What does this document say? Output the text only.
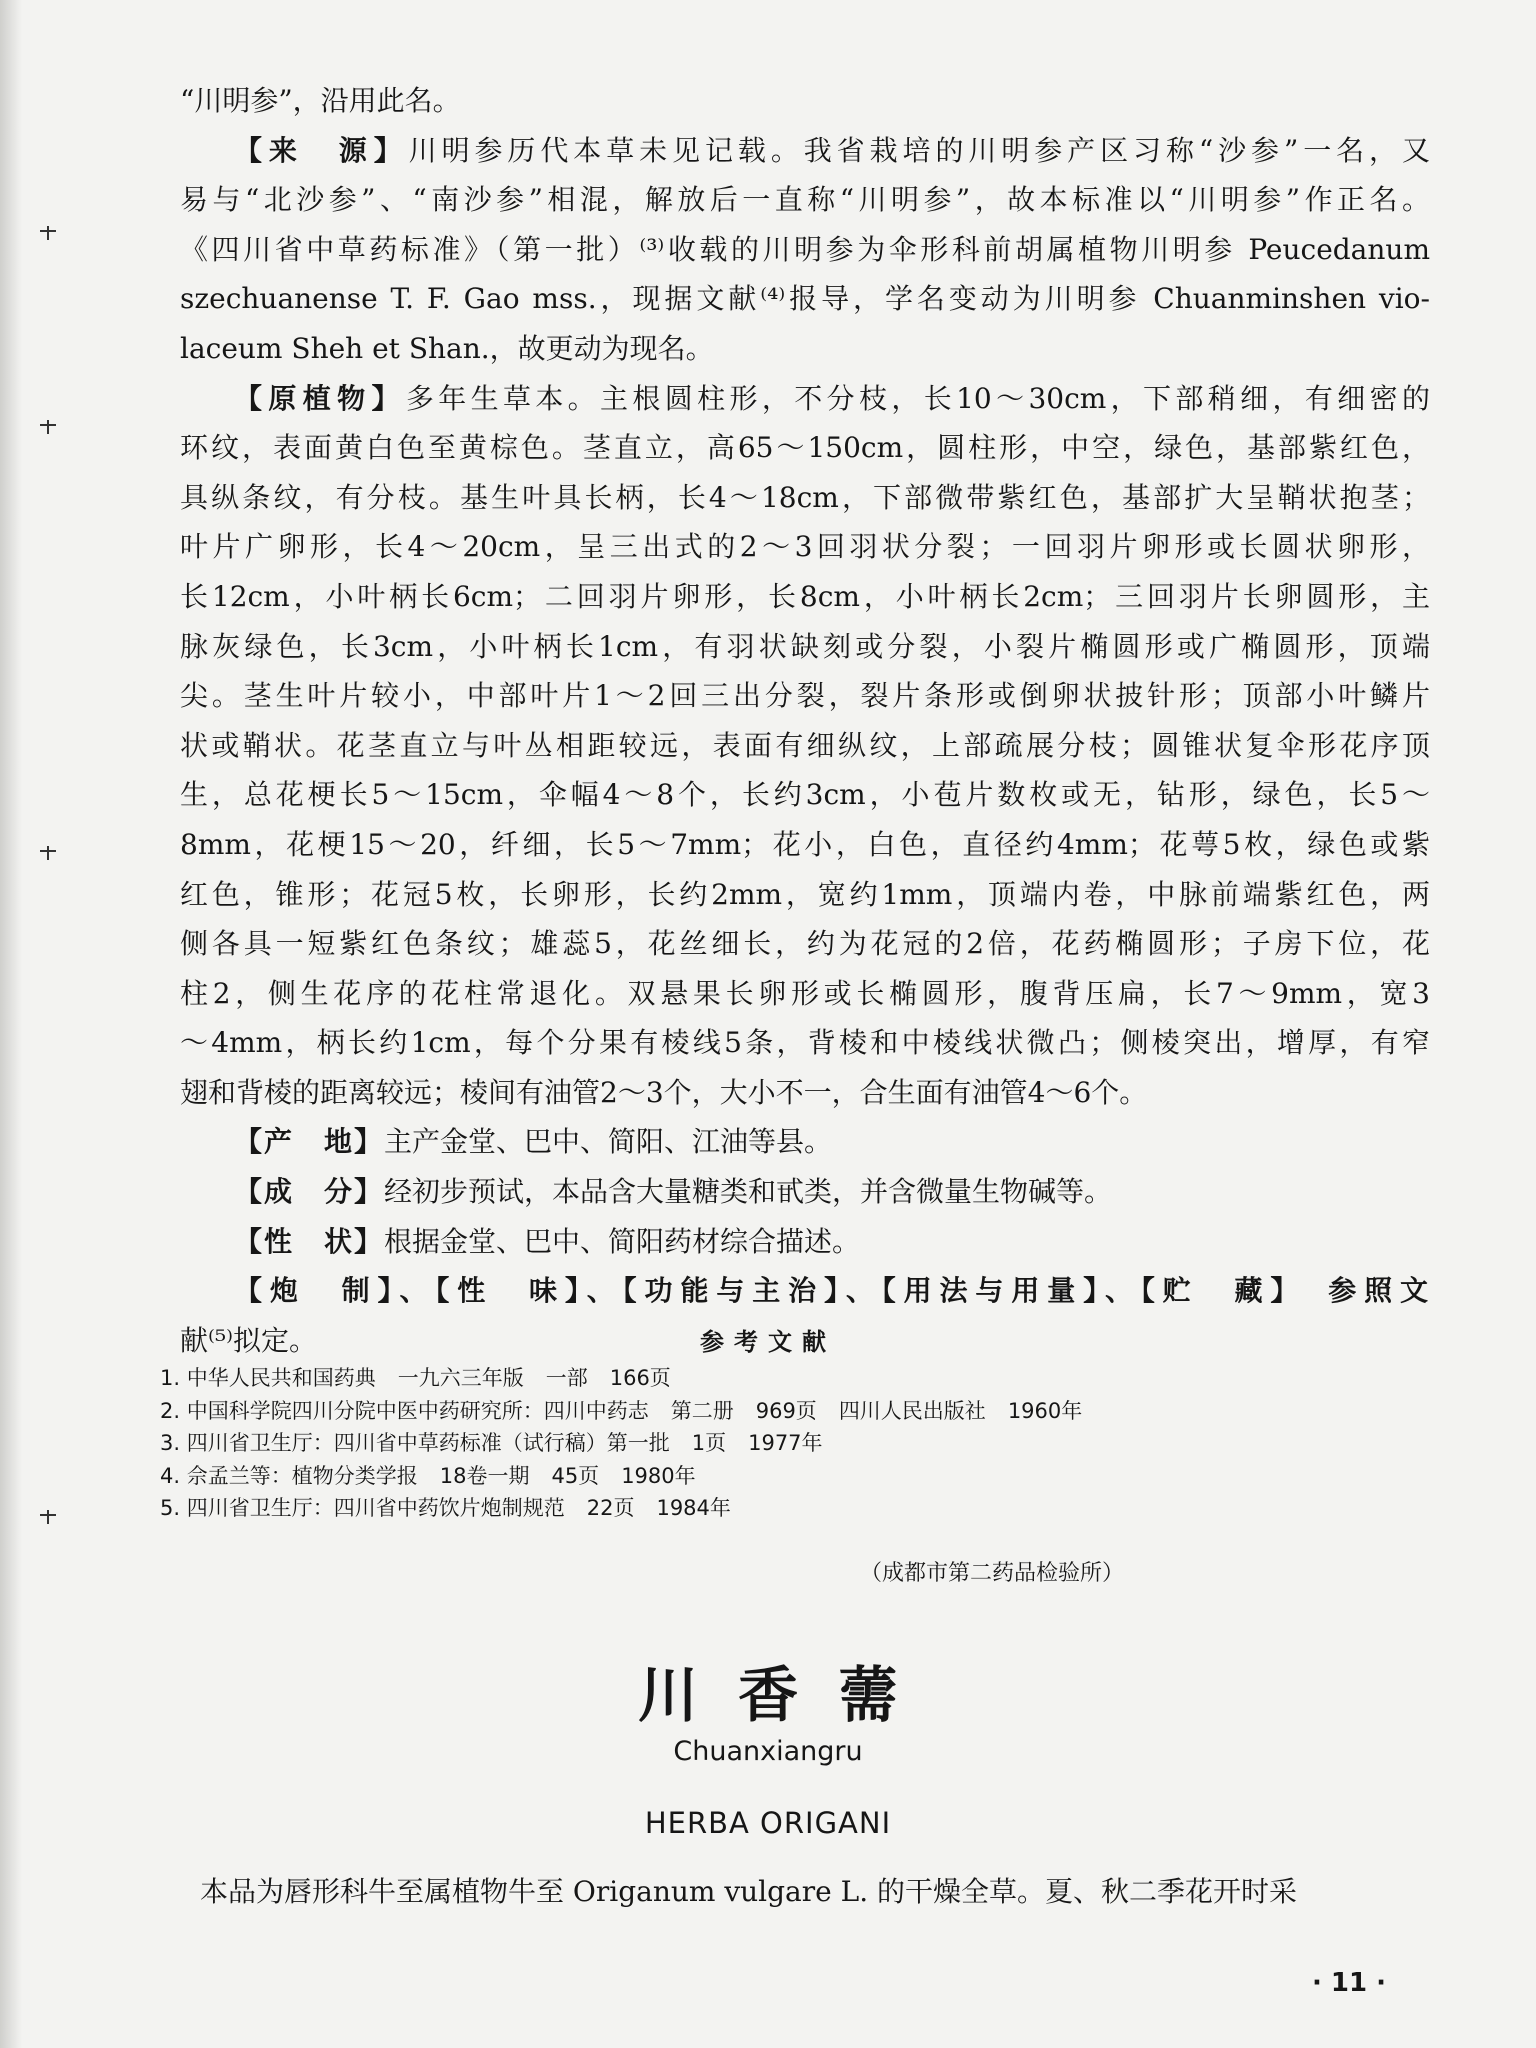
“川明参”，沿用此名。
【来　源】川明参历代本草未见记载。我省栽培的川明参产区习称“沙参”一名，又
易与“北沙参”、“南沙参”相混，解放后一直称“川明参”，故本标准以“川明参”作正名。
《四川省中草药标准》（第一批）⁽³⁾收载的川明参为伞形科前胡属植物川明参 Peucedanum
szechuanense T. F. Gao mss.，现据文献⁽⁴⁾报导，学名变动为川明参 Chuanminshen vio-
laceum Sheh et Shan.，故更动为现名。
【原植物】多年生草本。主根圆柱形，不分枝，长10～30cm，下部稍细，有细密的
环纹，表面黄白色至黄棕色。茎直立，高65～150cm，圆柱形，中空，绿色，基部紫红色，
具纵条纹，有分枝。基生叶具长柄，长4～18cm，下部微带紫红色，基部扩大呈鞘状抱茎；
叶片广卵形，长4～20cm，呈三出式的2～3回羽状分裂；一回羽片卵形或长圆状卵形，
长12cm，小叶柄长6cm；二回羽片卵形，长8cm，小叶柄长2cm；三回羽片长卵圆形，主
脉灰绿色，长3cm，小叶柄长1cm，有羽状缺刻或分裂，小裂片椭圆形或广椭圆形，顶端
尖。茎生叶片较小，中部叶片1～2回三出分裂，裂片条形或倒卵状披针形；顶部小叶鳞片
状或鞘状。花茎直立与叶丛相距较远，表面有细纵纹，上部疏展分枝；圆锥状复伞形花序顶
生，总花梗长5～15cm，伞幅4～8个，长约3cm，小苞片数枚或无，钻形，绿色，长5～
8mm，花梗15～20，纤细，长5～7mm；花小，白色，直径约4mm；花萼5枚，绿色或紫
红色，锥形；花冠5枚，长卵形，长约2mm，宽约1mm，顶端内卷，中脉前端紫红色，两
侧各具一短紫红色条纹；雄蕊5，花丝细长，约为花冠的2倍，花药椭圆形；子房下位，花
柱2，侧生花序的花柱常退化。双悬果长卵形或长椭圆形，腹背压扁，长7～9mm，宽3
～4mm，柄长约1cm，每个分果有棱线5条，背棱和中棱线状微凸；侧棱突出，增厚，有窄
翅和背棱的距离较远；棱间有油管2～3个，大小不一，合生面有油管4～6个。
【产　地】主产金堂、巴中、简阳、江油等县。
【成　分】经初步预试，本品含大量糖类和甙类，并含微量生物碱等。
【性　状】根据金堂、巴中、简阳药材综合描述。
【炮　制】、【性　味】、【功能与主治】、【用法与用量】、【贮　藏】　参照文
献⁽⁵⁾拟定。	参考文献
1. 中华人民共和国药典 一九六三年版 一部 166页
2. 中国科学院四川分院中医中药研究所：四川中药志 第二册 969页 四川人民出版社 1960年
3. 四川省卫生厅：四川省中草药标准（试行稿）第一批 1页 1977年
4. 佘孟兰等：植物分类学报 18卷一期 45页 1980年
5. 四川省卫生厅：四川省中药饮片炮制规范 22页 1984年
（成都市第二药品检验所）
川香薷
Chuanxiangru
HERBA ORIGANI
本品为唇形科牛至属植物牛至 Origanum vulgare L. 的干燥全草。夏、秋二季花开时采
· 11 ·
